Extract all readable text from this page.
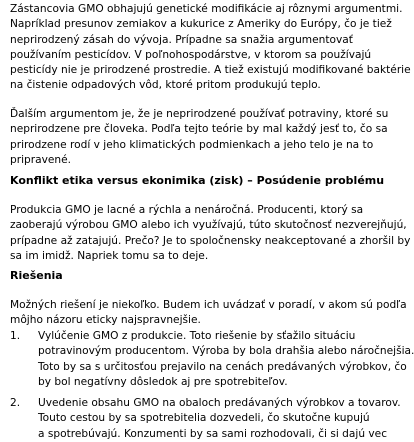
Zástancovia GMO obhajujú genetické modifikácie aj rôznymi argumentmi.
Napríklad presunov zemiakov a kukurice z Ameriky do Európy, čo je tiež
neprirodzený zásah do vývoja. Prípadne sa snažia argumentovať
používaním pesticídov. V poľnohospodárstve, v ktorom sa používajú
pesticídy nie je prirodzené prostredie. A tiež existujú modifikované baktérie
na čistenie odpadových vôd, ktoré pritom produkujú teplo.

Ďalším argumentom je, že je neprirodzené používať potraviny, ktoré su
neprirodzene pre človeka. Podľa tejto teórie by mal každý jesť to, čo sa
prirodzene rodí v jeho klimatických podmienkach a jeho telo je na to
pripravené.

Konflikt etika versus ekonimika (zisk) – Posúdenie problému

Produkcia GMO je lacné a rýchla a nenáročná. Producenti, ktorý sa
zaoberajú výrobou GMO alebo ich využívajú, túto skutočnosť nezverejňujú,
prípadne až zatajujú. Prečo? Je to spoločnensky neakceptované a zhoršil by
sa im imidž. Napriek tomu sa to deje.

Riešenia

Možných riešení je niekoľko. Budem ich uvádzať v poradí, v akom sú podľa
môjho názoru eticky najspravnejšie.

1. Vylúčenie GMO z produkcie. Toto riešenie by sťažilo situáciu
potravinovým producentom. Výroba by bola drahšia alebo náročnejšia.
Toto by sa s určitosťou prejavilo na cenách predávaných výrobkov, čo
by bol negatívny dôsledok aj pre spotrebiteľov.
2. Uvedenie obsahu GMO na obaloch predávaných výrobkov a tovarov.
Touto cestou by sa spotrebitelia dozvedeli, čo skutočne kupujú
a spotrebúvajú. Konzumenti by sa sami rozhodovali, či si dajú vec
